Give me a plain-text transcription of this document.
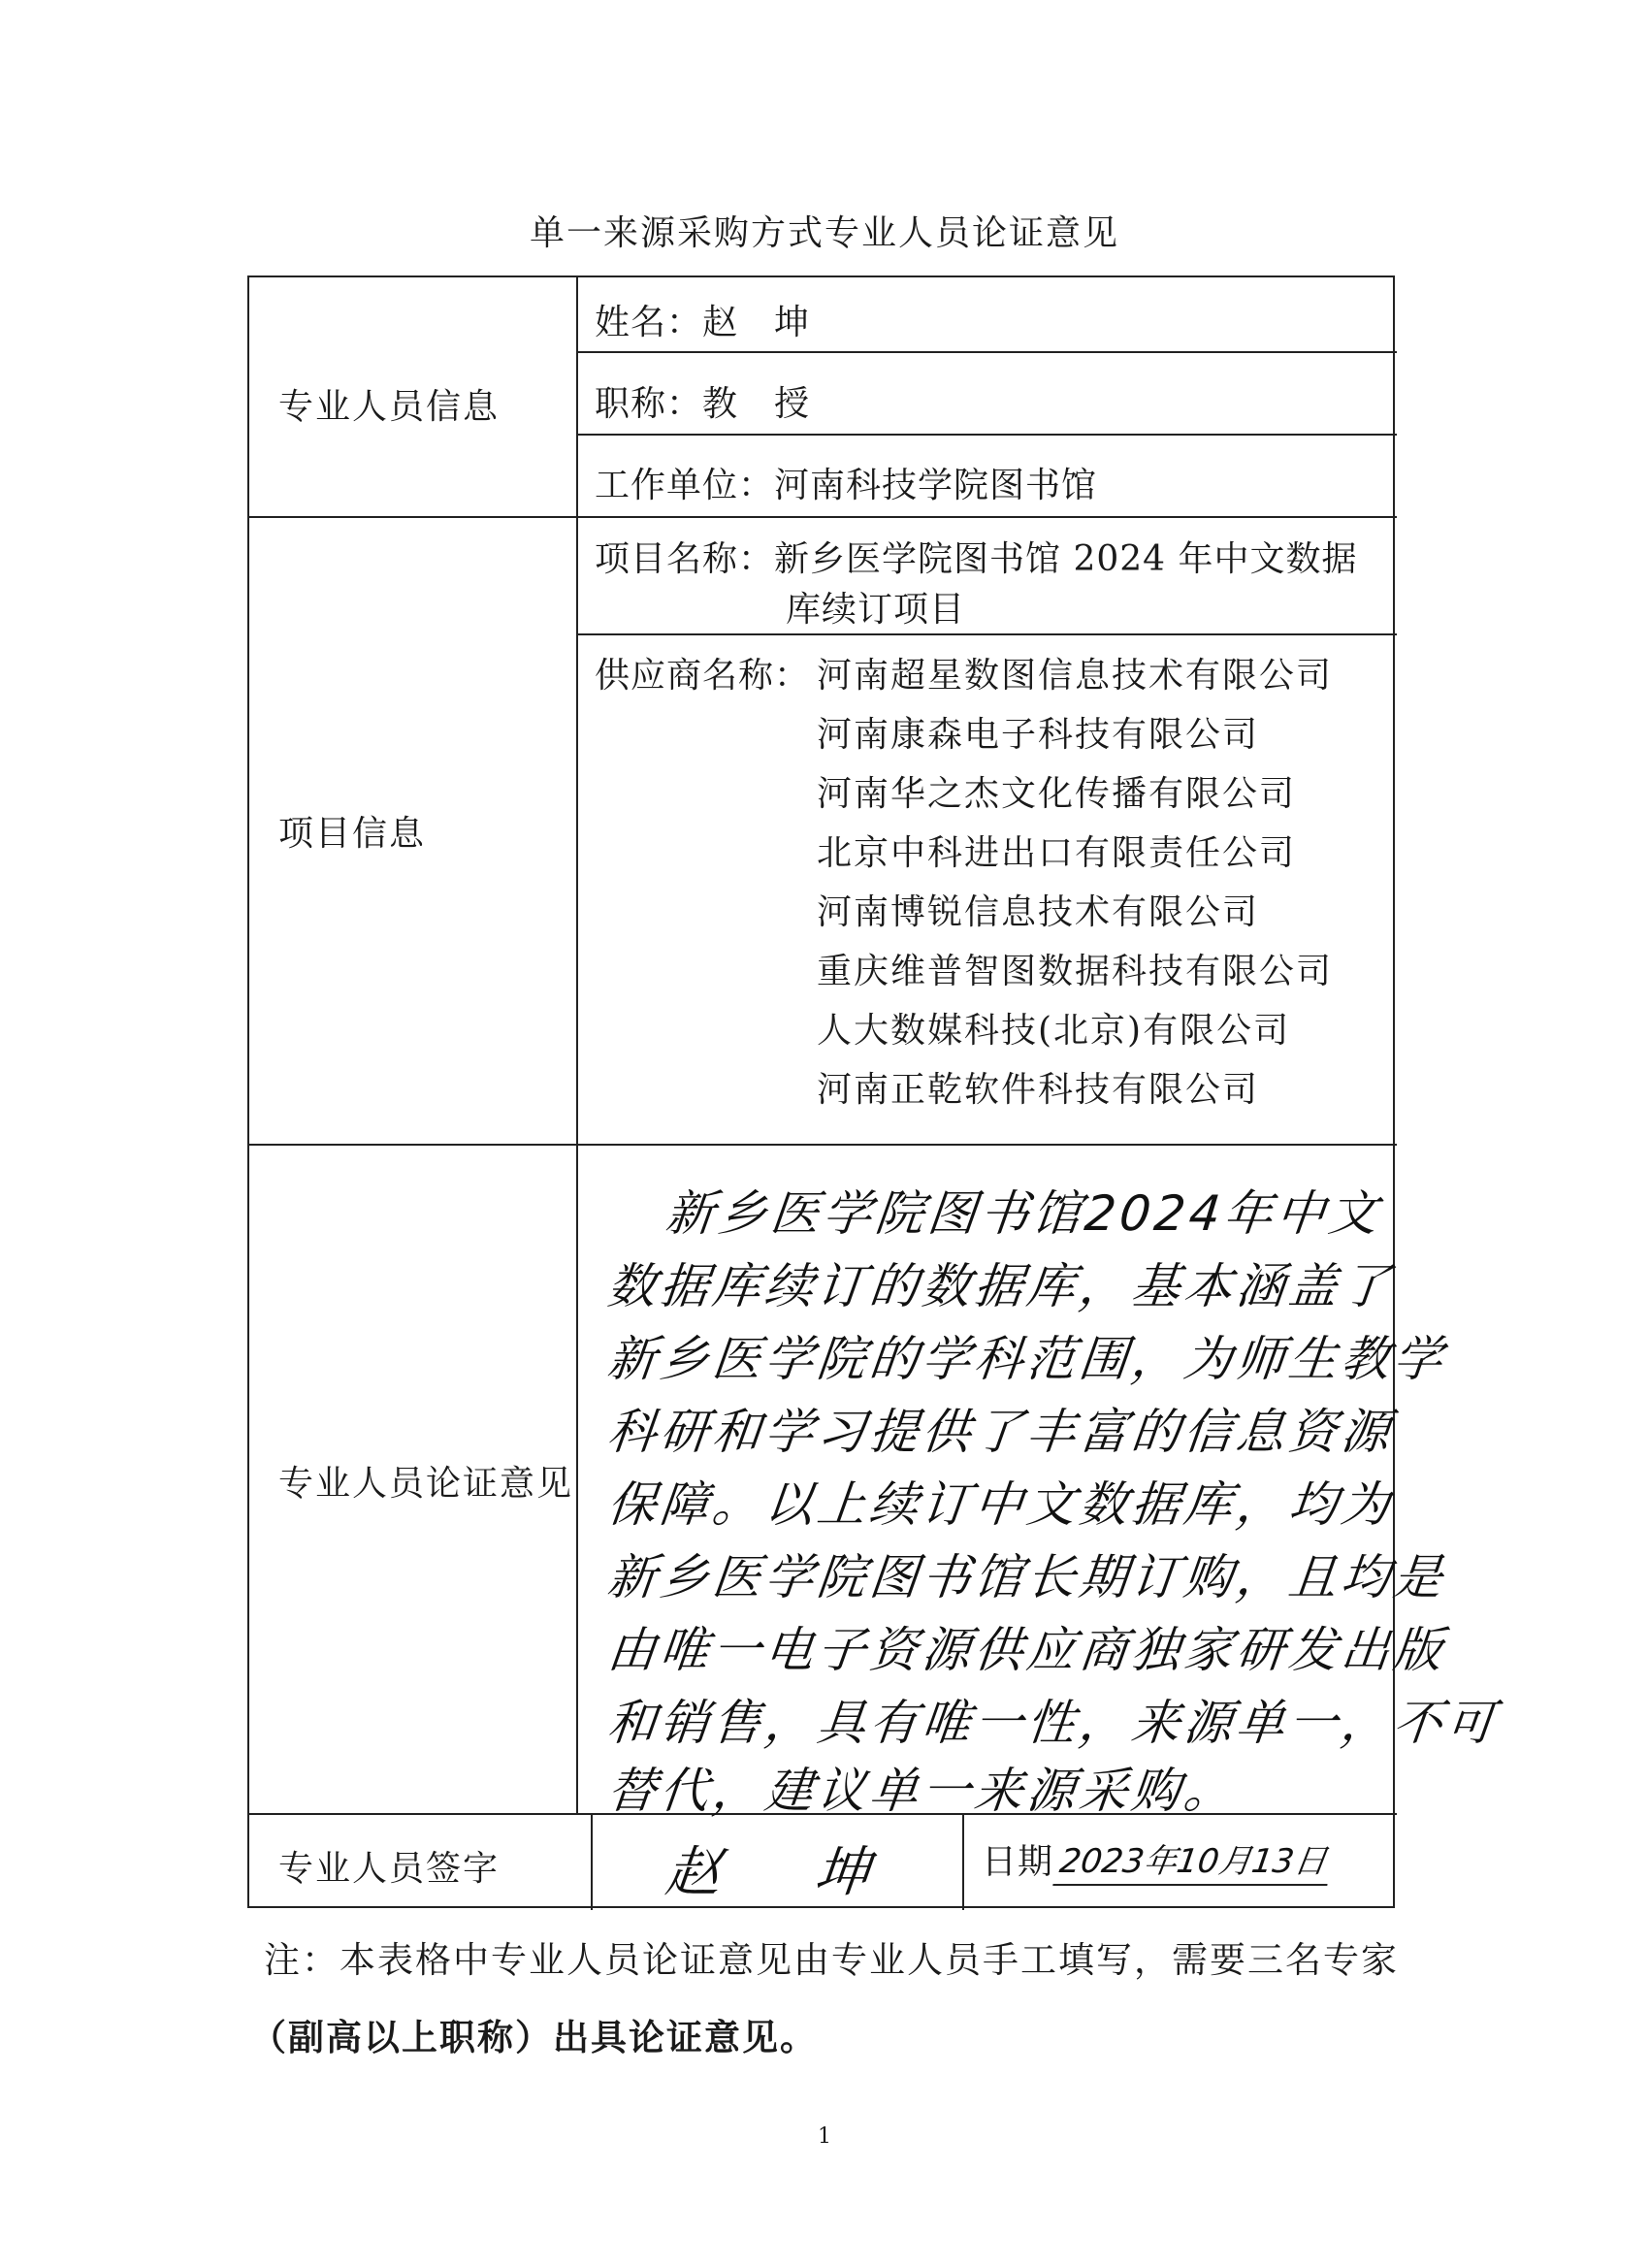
单一来源采购方式专业人员论证意见
专业人员信息
姓名：赵　坤
职称：教　授
工作单位：河南科技学院图书馆
项目信息
项目名称：新乡医学院图书馆 2024 年中文数据
库续订项目
供应商名称： 河南超星数图信息技术有限公司
河南康森电子科技有限公司
河南华之杰文化传播有限公司
北京中科进出口有限责任公司
河南博锐信息技术有限公司
重庆维普智图数据科技有限公司
人大数媒科技(北京)有限公司
河南正乾软件科技有限公司
专业人员论证意见
新乡医学院图书馆2024年中文
数据库续订的数据库，基本涵盖了
新乡医学院的学科范围，为师生教学
科研和学习提供了丰富的信息资源
保障。以上续订中文数据库，均为
新乡医学院图书馆长期订购，且均是
由唯一电子资源供应商独家研发出版
和销售，具有唯一性，来源单一，不可
替代，建议单一来源采购。
专业人员签字	赵 坤 日期 2023年10月13日
注：本表格中专业人员论证意见由专业人员手工填写，需要三名专家
（副高以上职称）出具论证意见。
1
